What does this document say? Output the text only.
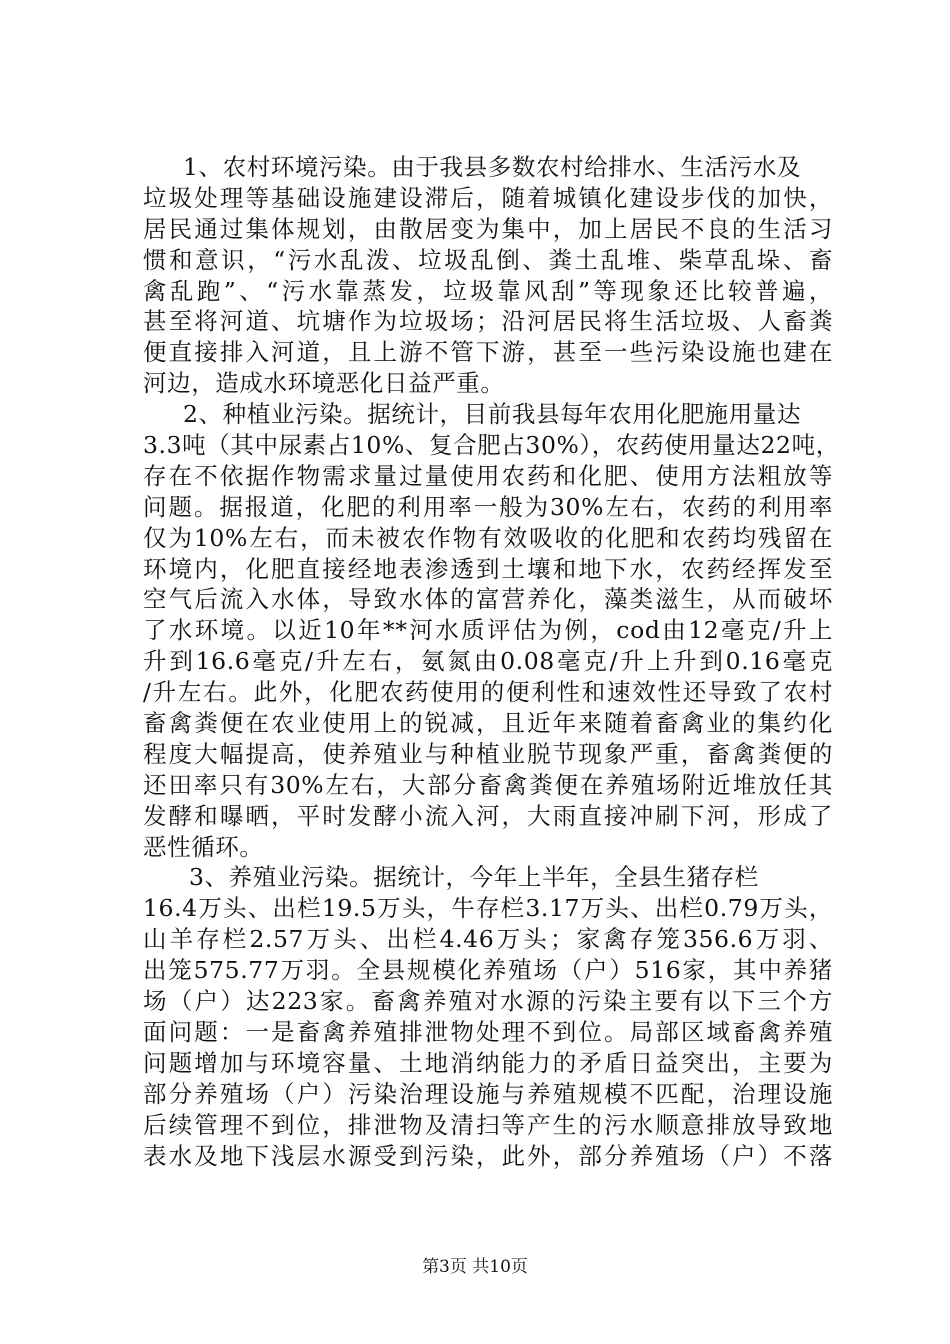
1、农村环境污染。由于我县多数农村给排水、生活污水及
垃圾处理等基础设施建设滞后，随着城镇化建设步伐的加快，
居民通过集体规划，由散居变为集中，加上居民不良的生活习
惯和意识，“污水乱泼、垃圾乱倒、粪土乱堆、柴草乱垛、畜
禽乱跑”、“污水靠蒸发，垃圾靠风刮”等现象还比较普遍，
甚至将河道、坑塘作为垃圾场；沿河居民将生活垃圾、人畜粪
便直接排入河道，且上游不管下游，甚至一些污染设施也建在
河边，造成水环境恶化日益严重。
2、种植业污染。据统计，目前我县每年农用化肥施用量达
3.3吨（其中尿素占10%、复合肥占30%），农药使用量达22吨，
存在不依据作物需求量过量使用农药和化肥、使用方法粗放等
问题。据报道，化肥的利用率一般为30%左右，农药的利用率
仅为10%左右，而未被农作物有效吸收的化肥和农药均残留在
环境内，化肥直接经地表渗透到土壤和地下水，农药经挥发至
空气后流入水体，导致水体的富营养化，藻类滋生，从而破坏
了水环境。以近10年**河水质评估为例，cod由12毫克/升上
升到16.6毫克/升左右，氨氮由0.08毫克/升上升到0.16毫克
/升左右。此外，化肥农药使用的便利性和速效性还导致了农村
畜禽粪便在农业使用上的锐减，且近年来随着畜禽业的集约化
程度大幅提高，使养殖业与种植业脱节现象严重，畜禽粪便的
还田率只有30%左右，大部分畜禽粪便在养殖场附近堆放任其
发酵和曝晒，平时发酵小流入河，大雨直接冲刷下河，形成了
恶性循环。
3、养殖业污染。据统计，今年上半年，全县生猪存栏
16.4万头、出栏19.5万头，牛存栏3.17万头、出栏0.79万头，
山羊存栏2.57万头、出栏4.46万头；家禽存笼356.6万羽、
出笼575.77万羽。全县规模化养殖场（户）516家，其中养猪
场（户）达223家。畜禽养殖对水源的污染主要有以下三个方
面问题：一是畜禽养殖排泄物处理不到位。局部区域畜禽养殖
问题增加与环境容量、土地消纳能力的矛盾日益突出，主要为
部分养殖场（户）污染治理设施与养殖规模不匹配，治理设施
后续管理不到位，排泄物及清扫等产生的污水顺意排放导致地
表水及地下浅层水源受到污染，此外，部分养殖场（户）不落
第3页 共10页
